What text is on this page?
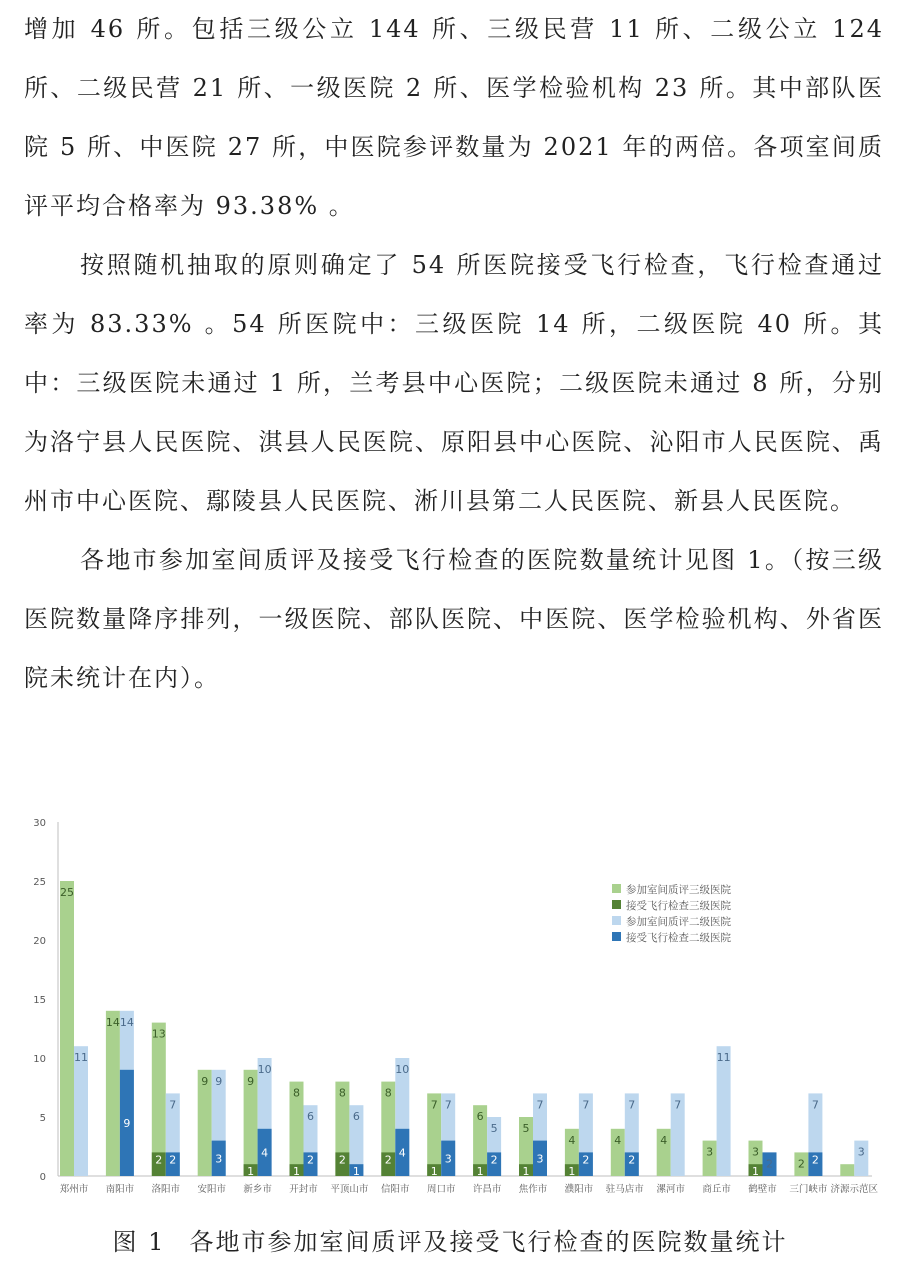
增加 46 所。包括三级公立 144 所、三级民营 11 所、二级公立 124 所、二级民营 21 所、一级医院 2 所、医学检验机构 23 所。其中部队医院 5 所、中医院 27 所，中医院参评数量为 2021 年的两倍。各项室间质评平均合格率为 93.38% 。

按照随机抽取的原则确定了 54 所医院接受飞行检查，飞行检查通过率为 83.33% 。54 所医院中：三级医院 14 所，二级医院 40 所。其中：三级医院未通过 1 所，兰考县中心医院；二级医院未通过 8 所，分别为洛宁县人民医院、淇县人民医院、原阳县中心医院、沁阳市人民医院、禹州市中心医院、鄢陵县人民医院、淅川县第二人民医院、新县人民医院。

各地市参加室间质评及接受飞行检查的医院数量统计见图 1。（按三级医院数量降序排列，一级医院、部队医院、中医院、医学检验机构、外省医院未统计在内）。

0
5
10
15
20
25
30
25
11
郑州市
14 14
9
南阳市
13
2
7
2
洛阳市
9 9
3
安阳市
9
1
10
4
新乡市
8
1
6
2
开封市
8
2
6
1
平顶山市
8
2
10
4
信阳市
7
1
7
3
周口市
6
1
5
2
许昌市
5
1
7
3
焦作市
4
1
7
2
濮阳市
4
7
2
驻马店市
4
7
漯河市
3
11
商丘市
3
1
2
鹤壁市
2
7
2
三门峡市
3
济源示范区
参加室间质评三级医院
接受飞行检查三级医院
参加室间质评二级医院
接受飞行检查二级医院
图 1 各地市参加室间质评及接受飞行检查的医院数量统计
